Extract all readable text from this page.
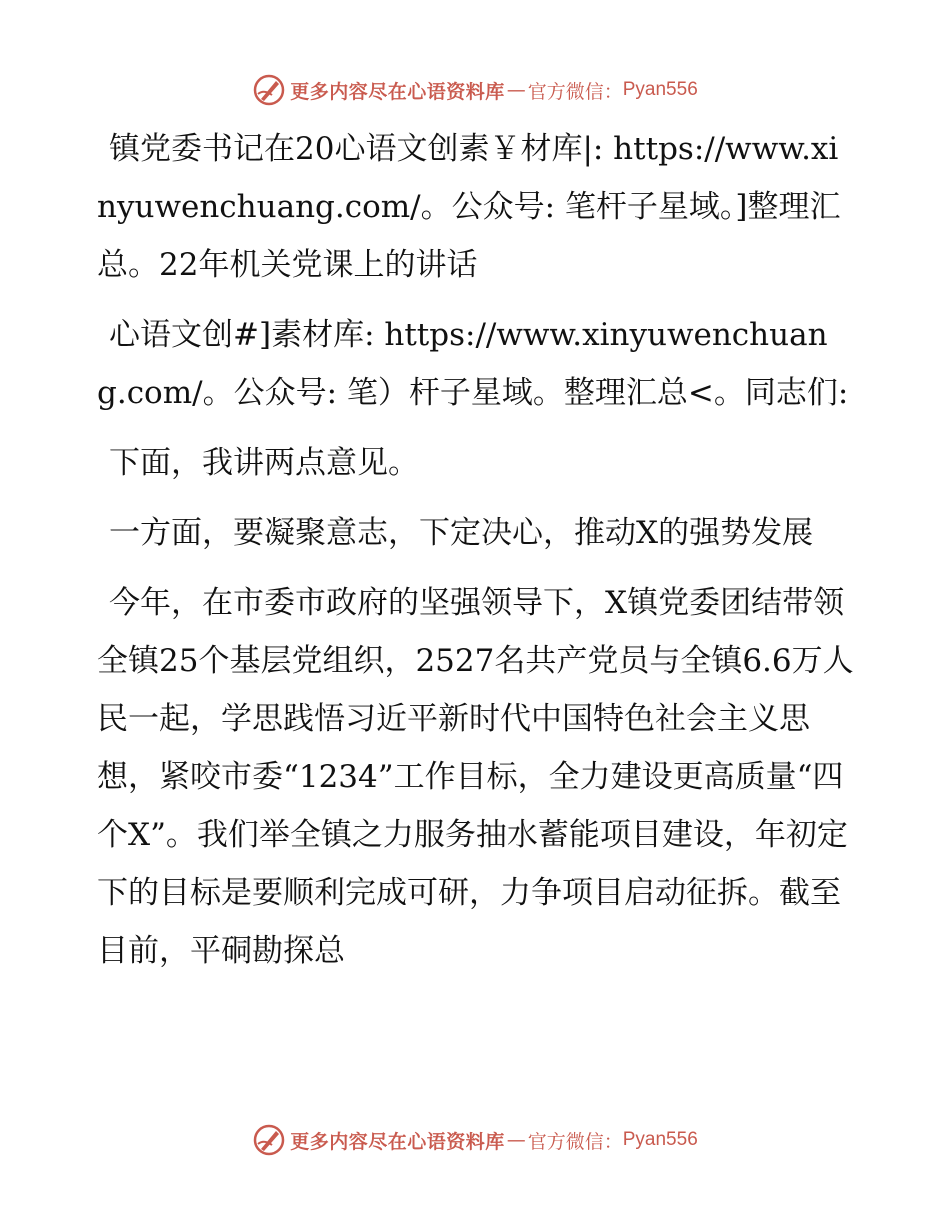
更多内容尽在心语资料库 — 官方微信： Pyan556

镇党委书记在20心语文创素￥材库|: https://www.xinyuwenchuang.com/。公众号: 笔杆子星域。]整理汇总。22年机关党课上的讲话

心语文创#]素材库: https://www.xinyuwenchuang.com/。公众号: 笔）杆子星域。整理汇总<。同志们:

下面，我讲两点意见。

一方面，要凝聚意志，下定决心，推动X的强势发展

今年，在市委市政府的坚强领导下，X镇党委团结带领全镇25个基层党组织，2527名共产党员与全镇6.6万人民一起，学思践悟习近平新时代中国特色社会主义思想，紧咬市委“1234”工作目标，全力建设更高质量“四个X”。我们举全镇之力服务抽水蓄能项目建设，年初定下的目标是要顺利完成可研，力争项目启动征拆。截至目前，平硐勘探总

更多内容尽在心语资料库 — 官方微信： Pyan556
